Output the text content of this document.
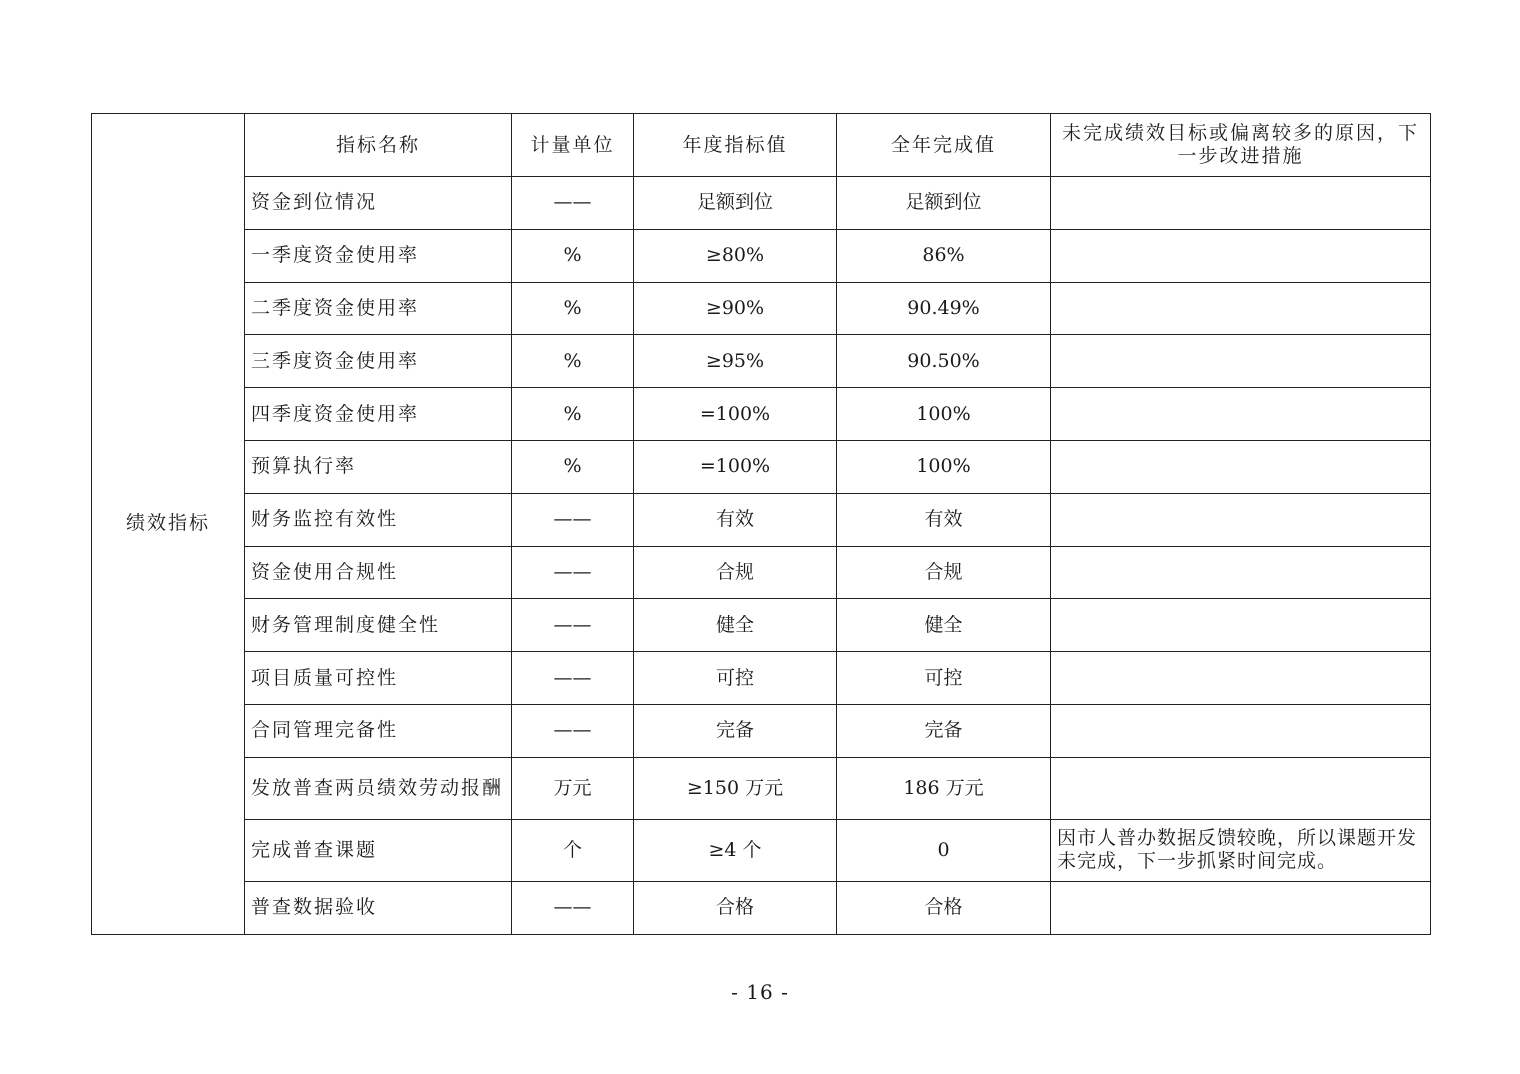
绩效指标	指标名称	计量单位	年度指标值	全年完成值	未完成绩效目标或偏离较多的原因，下一步改进措施
	资金到位情况	——	足额到位	足额到位	
	一季度资金使用率	%	≥80%	86%	
	二季度资金使用率	%	≥90%	90.49%	
	三季度资金使用率	%	≥95%	90.50%	
	四季度资金使用率	%	=100%	100%	
	预算执行率	%	=100%	100%	
	财务监控有效性	——	有效	有效	
	资金使用合规性	——	合规	合规	
	财务管理制度健全性	——	健全	健全	
	项目质量可控性	——	可控	可控	
	合同管理完备性	——	完备	完备	
	发放普查两员绩效劳动报酬	万元	≥150 万元	186 万元	
	完成普查课题	个	≥4 个	0	因市人普办数据反馈较晚，所以课题开发未完成，下一步抓紧时间完成。
	普查数据验收	——	合格	合格	
- 16 -
